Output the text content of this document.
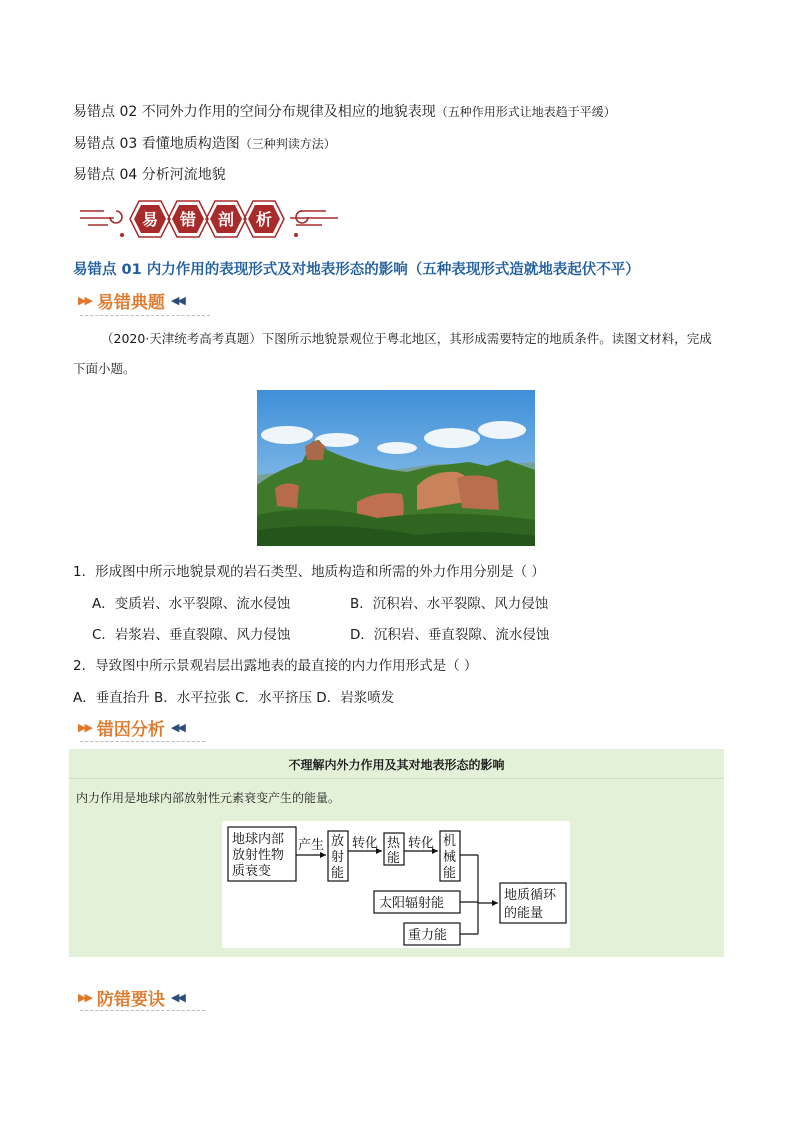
易错点 02 不同外力作用的空间分布规律及相应的地貌表现（五种作用形式让地表趋于平缓）
易错点 03 看懂地质构造图（三种判读方法）
易错点 04 分析河流地貌
易 错 剖 析
易错点 01 内力作用的表现形式及对地表形态的影响（五种表现形式造就地表起伏不平）
▶▶ 易错典题 ◀◀
（2020·天津统考高考真题）下图所示地貌景观位于粤北地区，其形成需要特定的地质条件。读图文材料，完成下面小题。
1．形成图中所示地貌景观的岩石类型、地质构造和所需的外力作用分别是（ ）
A．变质岩、水平裂隙、流水侵蚀	B．沉积岩、水平裂隙、风力侵蚀
C．岩浆岩、垂直裂隙、风力侵蚀	D．沉积岩、垂直裂隙、流水侵蚀
2．导致图中所示景观岩层出露地表的最直接的内力作用形式是（ ）
A．垂直抬升 B．水平拉张 C．水平挤压 D．岩浆喷发
▶▶ 错因分析 ◀◀
不理解内外力作用及其对地表形态的影响
内力作用是地球内部放射性元素衰变产生的能量。
地球内部
放射性物
质衰变
产生 放
射
能
转化 热
能
转化 机
械
能
太阳辐射能
重力能
地质循环
的能量
▶▶ 防错要诀 ◀◀
